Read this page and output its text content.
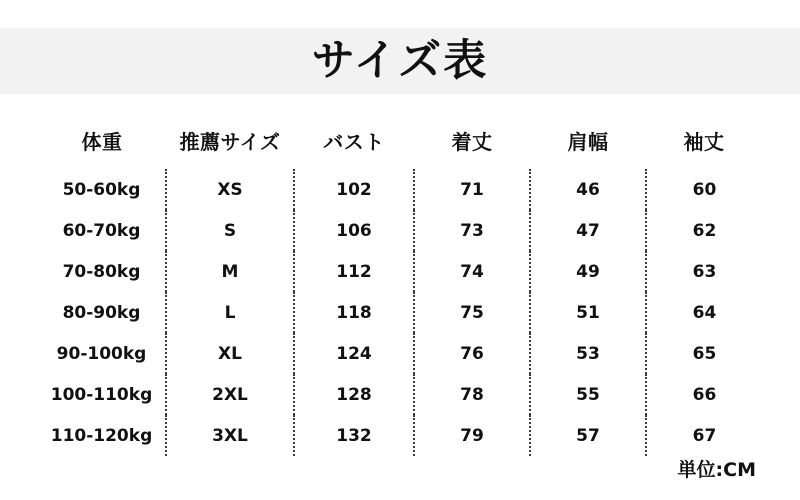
サイズ表
体重	推薦サイズ	バスト	着丈	肩幅	袖丈
50-60kg	XS	102	71	46	60
60-70kg	S	106	73	47	62
70-80kg	M	112	74	49	63
80-90kg	L	118	75	51	64
90-100kg	XL	124	76	53	65
100-110kg	2XL	128	78	55	66
110-120kg	3XL	132	79	57	67
単位:CM
